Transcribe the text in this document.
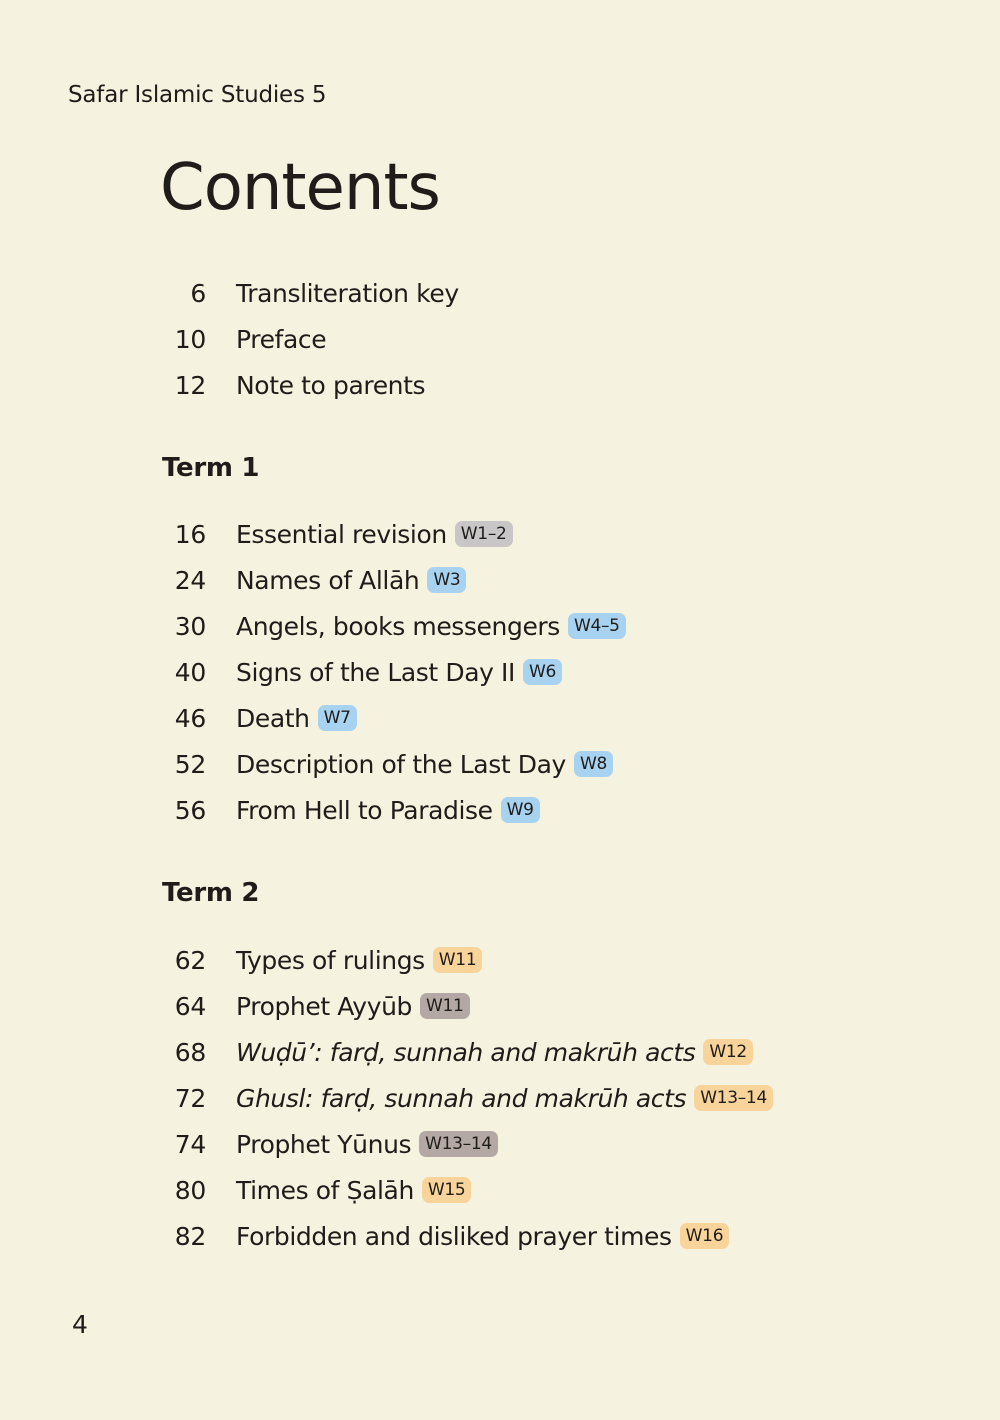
Safar Islamic Studies 5
Contents
6 Transliteration key
10 Preface
12 Note to parents
Term 1
16 Essential revision W1–2
24 Names of Allāh W3
30 Angels, books messengers W4–5
40 Signs of the Last Day II W6
46 Death W7
52 Description of the Last Day W8
56 From Hell to Paradise W9
Term 2
62 Types of rulings W11
64 Prophet Ayyūb W11
68 Wuḍū’: farḍ, sunnah and makrūh acts W12
72 Ghusl: farḍ, sunnah and makrūh acts W13–14
74 Prophet Yūnus W13–14
80 Times of Ṣalāh W15
82 Forbidden and disliked prayer times W16
4
